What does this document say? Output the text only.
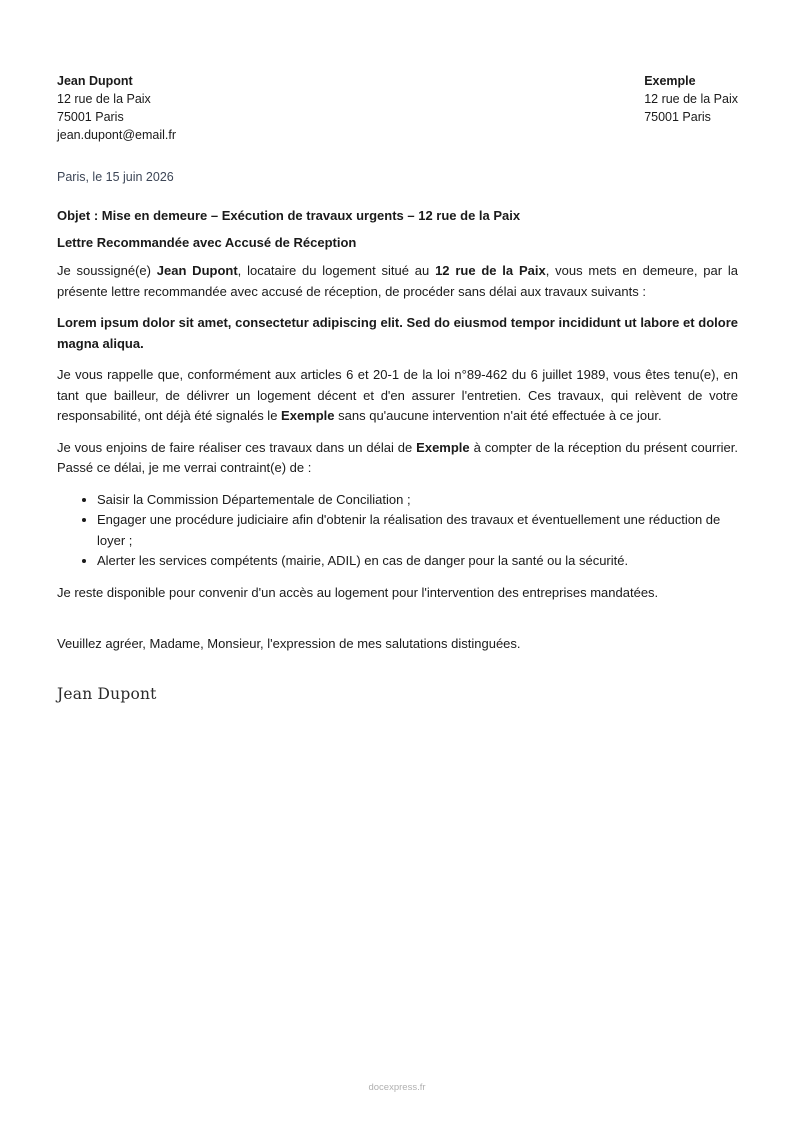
Jean Dupont
12 rue de la Paix
75001 Paris
jean.dupont@email.fr
Exemple
12 rue de la Paix
75001 Paris
Paris, le 15 juin 2026
Objet : Mise en demeure – Exécution de travaux urgents – 12 rue de la Paix
Lettre Recommandée avec Accusé de Réception

Je soussigné(e) Jean Dupont, locataire du logement situé au 12 rue de la Paix, vous mets en demeure, par la présente lettre recommandée avec accusé de réception, de procéder sans délai aux travaux suivants :

Lorem ipsum dolor sit amet, consectetur adipiscing elit. Sed do eiusmod tempor incididunt ut labore et dolore magna aliqua.

Je vous rappelle que, conformément aux articles 6 et 20-1 de la loi n°89-462 du 6 juillet 1989, vous êtes tenu(e), en tant que bailleur, de délivrer un logement décent et d'en assurer l'entretien. Ces travaux, qui relèvent de votre responsabilité, ont déjà été signalés le Exemple sans qu'aucune intervention n'ait été effectuée à ce jour.

Je vous enjoins de faire réaliser ces travaux dans un délai de Exemple à compter de la réception du présent courrier. Passé ce délai, je me verrai contraint(e) de :

• Saisir la Commission Départementale de Conciliation ;
• Engager une procédure judiciaire afin d'obtenir la réalisation des travaux et éventuellement une réduction de loyer ;
• Alerter les services compétents (mairie, ADIL) en cas de danger pour la santé ou la sécurité.

Je reste disponible pour convenir d'un accès au logement pour l'intervention des entreprises mandatées.

Veuillez agréer, Madame, Monsieur, l'expression de mes salutations distinguées.

Jean Dupont
docexpress.fr
